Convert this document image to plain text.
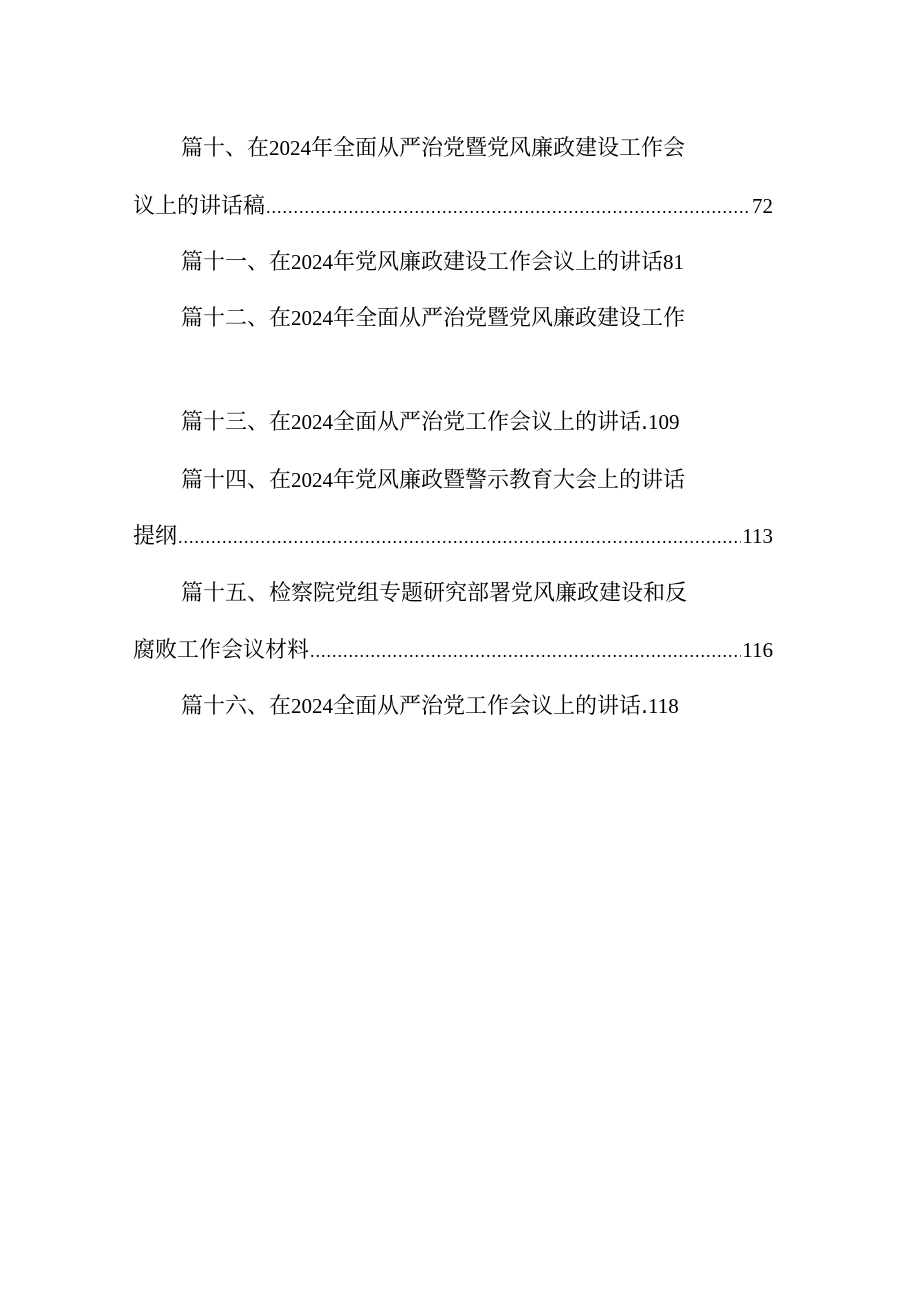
篇十、在2024年全面从严治党暨党风廉政建设工作会
议上的讲话稿 .....	72
篇十一、在2024年党风廉政建设工作会议上的讲话81
篇十二、在2024年全面从严治党暨党风廉政建设工作
篇十三、在2024全面从严治党工作会议上的讲话.109
篇十四、在2024年党风廉政暨警示教育大会上的讲话
提纲 .....	113
篇十五、检察院党组专题研究部署党风廉政建设和反
腐败工作会议材料 .....	116
篇十六、在2024全面从严治党工作会议上的讲话.118
